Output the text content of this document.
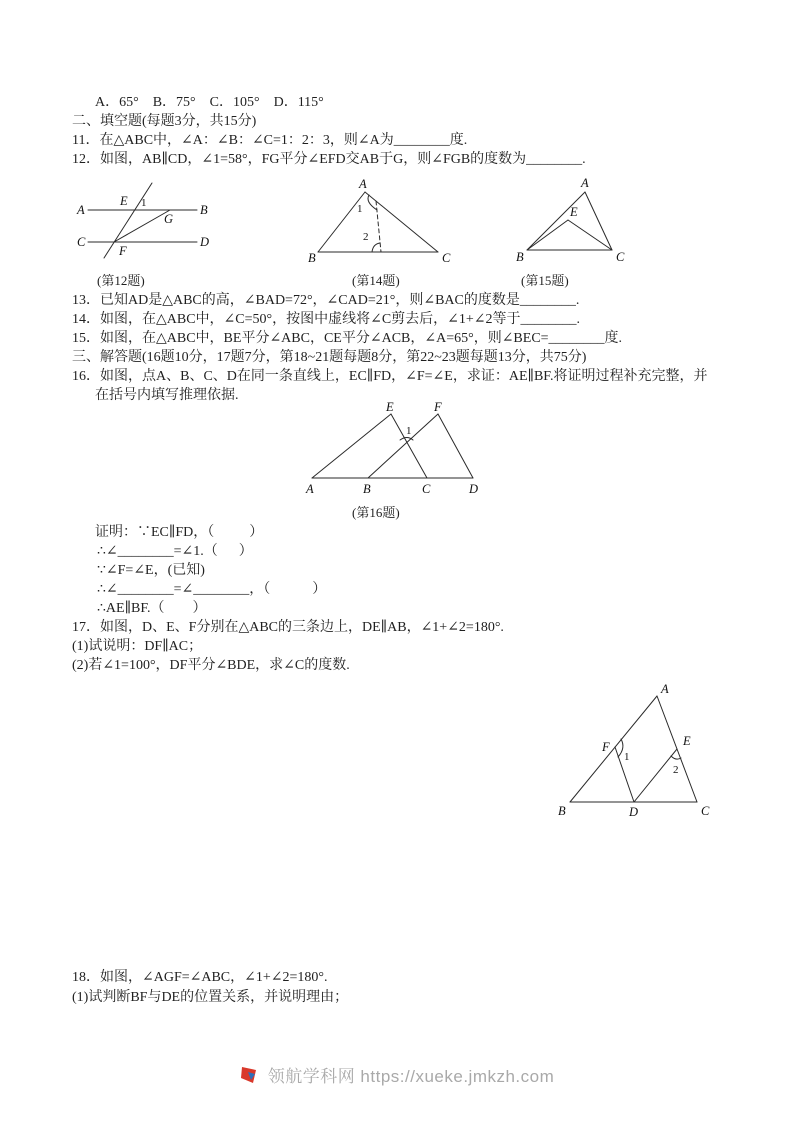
A．65°    B．75°    C．105°    D．115°
二、填空题(每题3分，共15分)
11．在△ABC中，∠A：∠B：∠C=1：2：3，则∠A为________度.
12．如图，AB∥CD，∠1=58°，FG平分∠EFD交AB于G，则∠FGB的度数为________.
A	B
C	D
E 1
G
F
A
B	C
1
2
A
B	C
E
(第12题)	(第14题)	(第15题)
13．已知AD是△ABC的高，∠BAD=72°，∠CAD=21°，则∠BAC的度数是________.
14．如图，在△ABC中，∠C=50°，按图中虚线将∠C剪去后，∠1+∠2等于________.
15．如图，在△ABC中，BE平分∠ABC，CE平分∠ACB，∠A=65°，则∠BEC=________度.
三、解答题(16题10分，17题7分，第18~21题每题8分，第22~23题每题13分，共75分)
16．如图，点A、B、C、D在同一条直线上，EC∥FD，∠F=∠E，求证：AE∥BF.将证明过程补充完整，并
在括号内填写推理依据.
E	F
A	B	C	D
1
(第16题)
证明：∵EC∥FD，（          ）
∴∠________=∠1.（      ）
∵∠F=∠E，(已知)
∴∠________=∠________，（            ）
∴AE∥BF.（        ）
17．如图，D、E、F分别在△ABC的三条边上，DE∥AB，∠1+∠2=180°.
(1)试说明：DF∥AC；
(2)若∠1=100°，DF平分∠BDE，求∠C的度数.
A
B	C
D
F	E
1
2
18．如图，∠AGF=∠ABC，∠1+∠2=180°.
(1)试判断BF与DE的位置关系，并说明理由；
领航学科网 https://xueke.jmkzh.com
